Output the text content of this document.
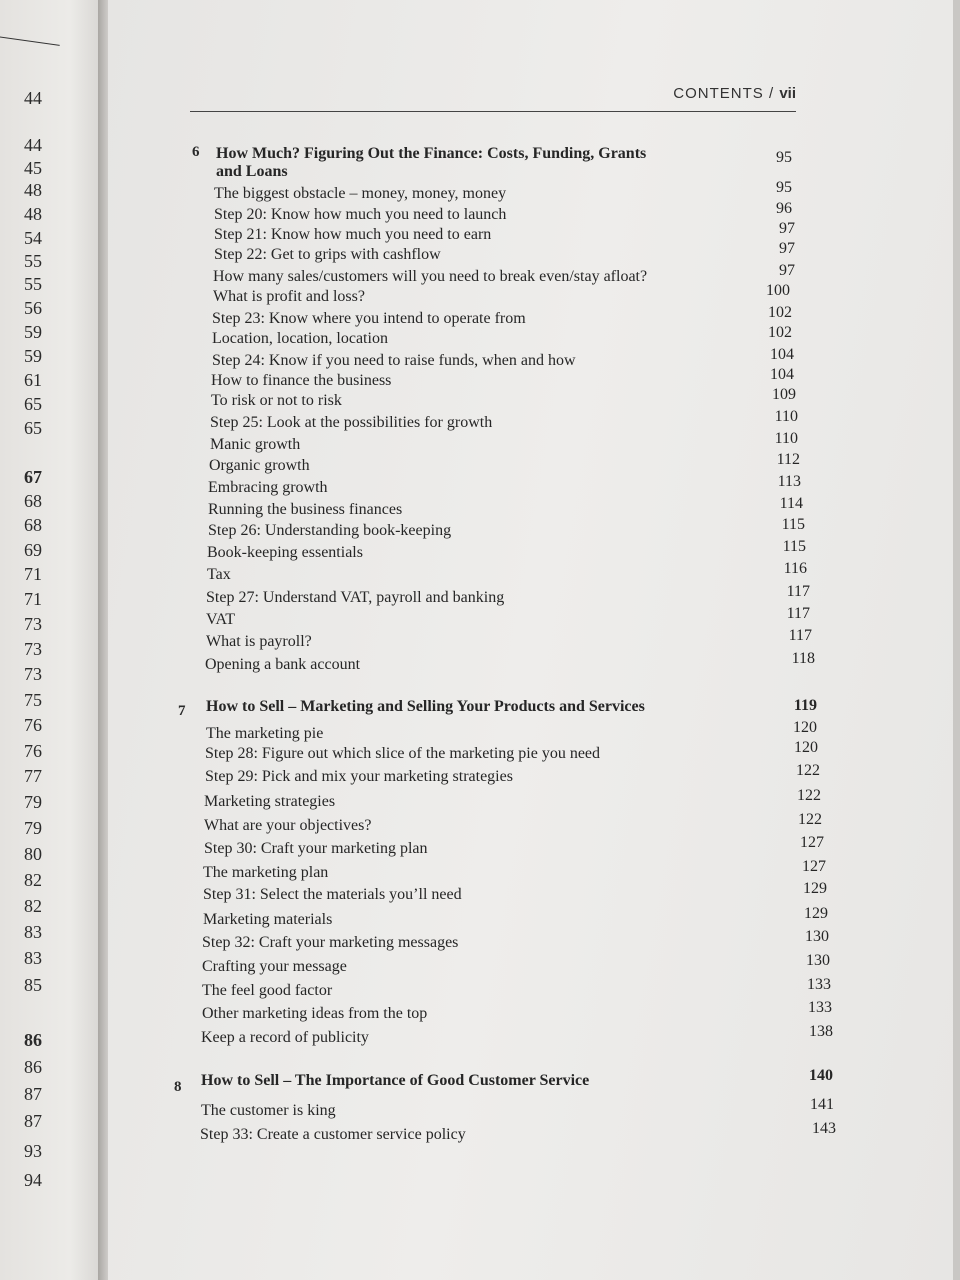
44
44
45
48
48
54
55
55
56
59
59
61
65
65
67
68
68
69
71
71
73
73
73
75
76
76
77
79
79
80
82
82
83
83
85
86
86
87
87
93
94
CONTENTS / vii
6 How Much? Figuring Out the Finance: Costs, Funding, Grants
and Loans
95
The biggest obstacle – money, money, money	95
Step 20: Know how much you need to launch	96
Step 21: Know how much you need to earn	97
Step 22: Get to grips with cashflow	97
How many sales/customers will you need to break even/stay afloat?	97
What is profit and loss?	100
Step 23: Know where you intend to operate from	102
Location, location, location	102
Step 24: Know if you need to raise funds, when and how	104
How to finance the business	104
To risk or not to risk	109
Step 25: Look at the possibilities for growth	110
Manic growth	110
Organic growth	112
Embracing growth	113
Running the business finances	114
Step 26: Understanding book-keeping	115
Book-keeping essentials	115
Tax	116
Step 27: Understand VAT, payroll and banking	117
VAT	117
What is payroll?	117
Opening a bank account	118
7 How to Sell – Marketing and Selling Your Products and Services	119
The marketing pie	120
Step 28: Figure out which slice of the marketing pie you need	120
Step 29: Pick and mix your marketing strategies	122
Marketing strategies	122
What are your objectives?	122
Step 30: Craft your marketing plan	127
The marketing plan	127
Step 31: Select the materials you’ll need	129
Marketing materials	129
Step 32: Craft your marketing messages	130
Crafting your message	130
The feel good factor	133
Other marketing ideas from the top	133
Keep a record of publicity	138
8 How to Sell – The Importance of Good Customer Service	140
The customer is king	141
Step 33: Create a customer service policy	143
